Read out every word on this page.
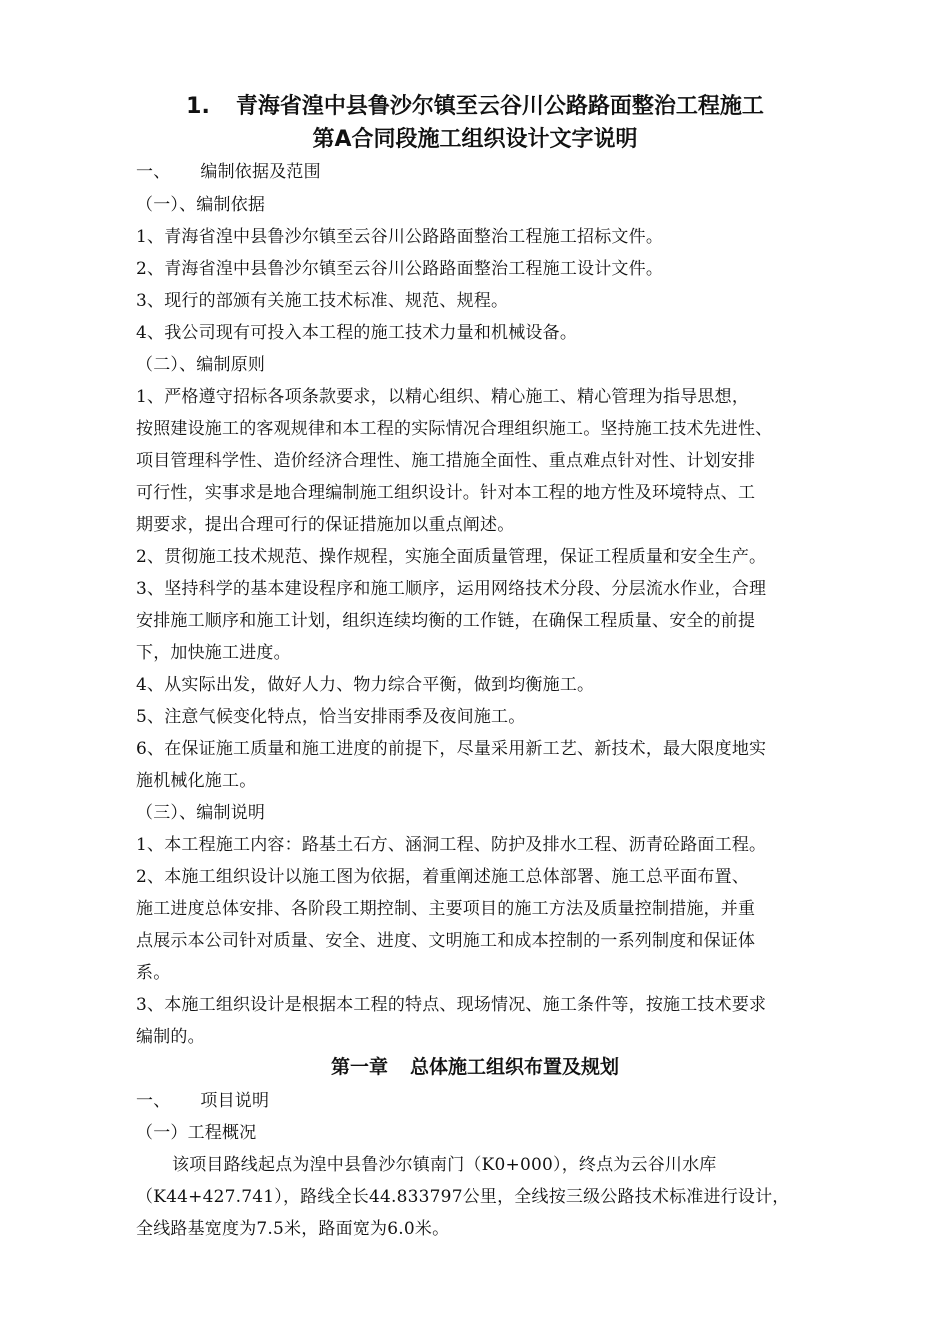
1. 青海省湟中县鲁沙尔镇至云谷川公路路面整治工程施工
第A合同段施工组织设计文字说明
一、 编制依据及范围
（一）、编制依据
1、青海省湟中县鲁沙尔镇至云谷川公路路面整治工程施工招标文件。
2、青海省湟中县鲁沙尔镇至云谷川公路路面整治工程施工设计文件。
3、现行的部颁有关施工技术标准、规范、规程。
4、我公司现有可投入本工程的施工技术力量和机械设备。
（二）、编制原则
1、严格遵守招标各项条款要求，以精心组织、精心施工、精心管理为指导思想，
按照建设施工的客观规律和本工程的实际情况合理组织施工。坚持施工技术先进性、
项目管理科学性、造价经济合理性、施工措施全面性、重点难点针对性、计划安排
可行性，实事求是地合理编制施工组织设计。针对本工程的地方性及环境特点、工
期要求，提出合理可行的保证措施加以重点阐述。
2、贯彻施工技术规范、操作规程，实施全面质量管理，保证工程质量和安全生产。
3、坚持科学的基本建设程序和施工顺序，运用网络技术分段、分层流水作业，合理
安排施工顺序和施工计划，组织连续均衡的工作链，在确保工程质量、安全的前提
下，加快施工进度。
4、从实际出发，做好人力、物力综合平衡，做到均衡施工。
5、注意气候变化特点，恰当安排雨季及夜间施工。
6、在保证施工质量和施工进度的前提下，尽量采用新工艺、新技术，最大限度地实
施机械化施工。
（三）、编制说明
1、本工程施工内容：路基土石方、涵洞工程、防护及排水工程、沥青砼路面工程。
2、本施工组织设计以施工图为依据，着重阐述施工总体部署、施工总平面布置、
施工进度总体安排、各阶段工期控制、主要项目的施工方法及质量控制措施，并重
点展示本公司针对质量、安全、进度、文明施工和成本控制的一系列制度和保证体
系。
3、本施工组织设计是根据本工程的特点、现场情况、施工条件等，按施工技术要求
编制的。
第一章 总体施工组织布置及规划
一、 项目说明
（一）工程概况
该项目路线起点为湟中县鲁沙尔镇南门（K0+000），终点为云谷川水库
（K44+427.741），路线全长44.833797公里，全线按三级公路技术标准进行设计，
全线路基宽度为7.5米，路面宽为6.0米。
